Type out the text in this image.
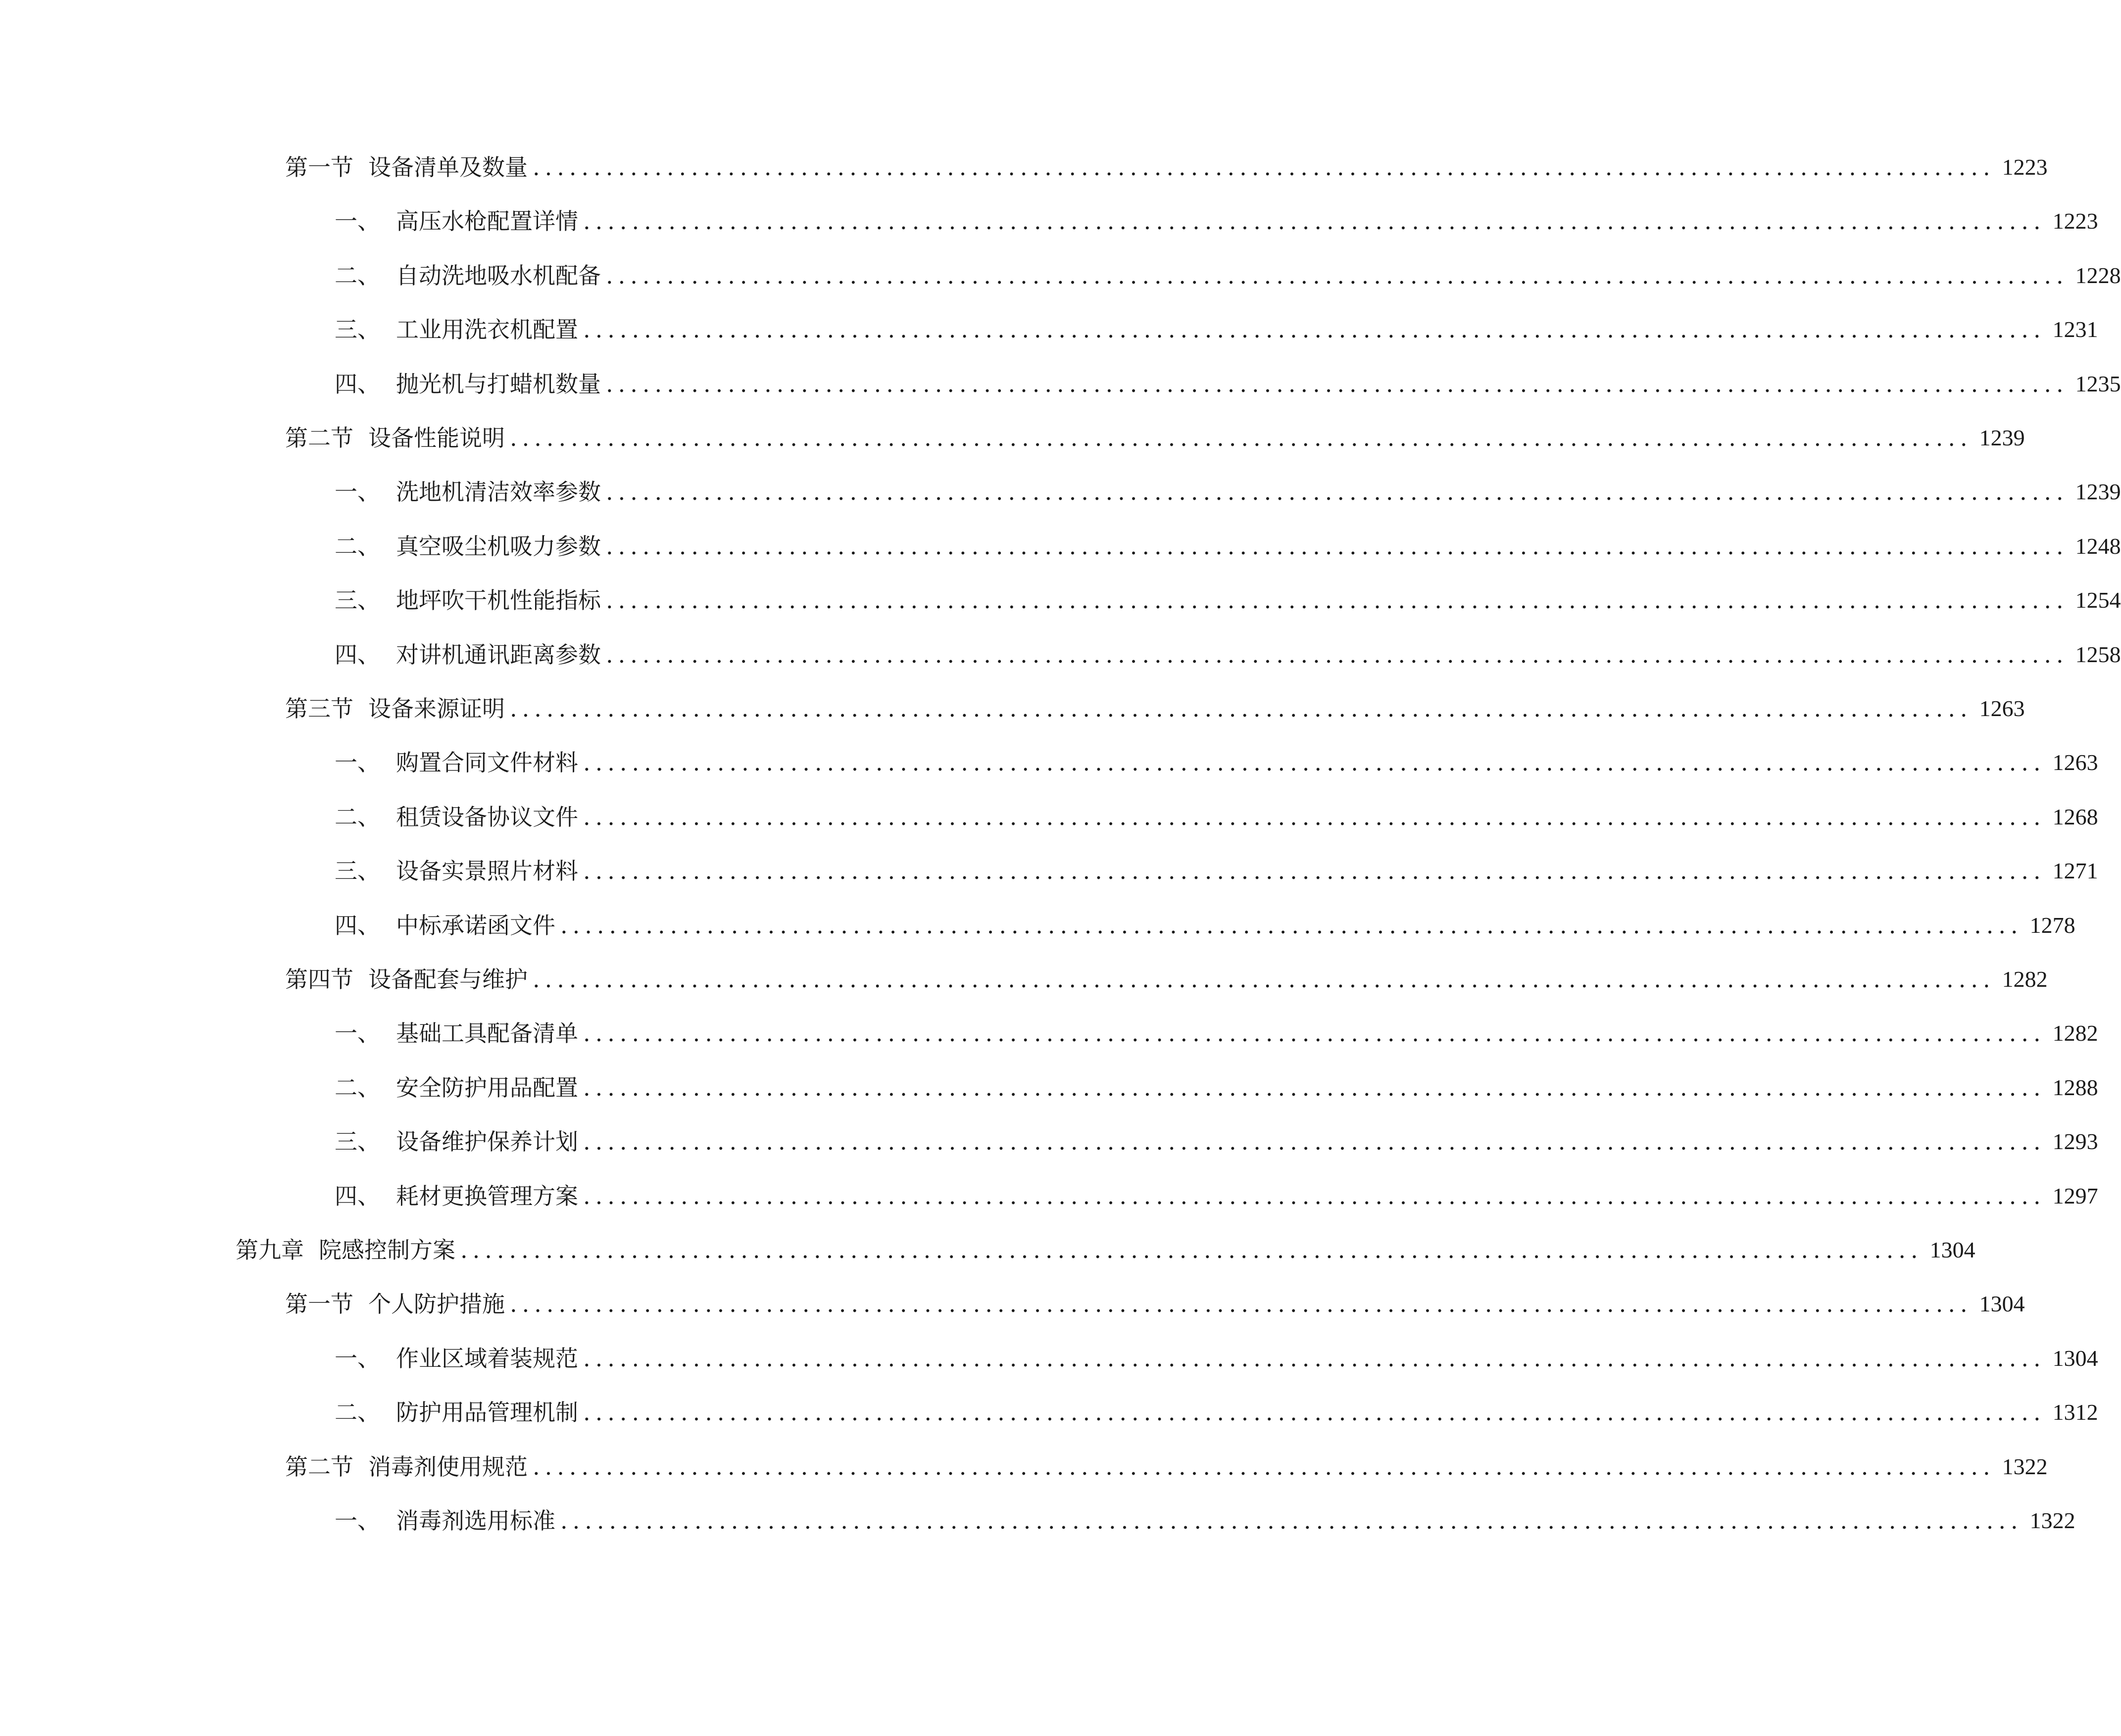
第一节 设备清单及数量 ........................................................................................................................ 1223
一、 高压水枪配置详情 ........................................................................................................................ 1223
二、 自动洗地吸水机配备 ........................................................................................................................ 1228
三、 工业用洗衣机配置 ........................................................................................................................ 1231
四、 抛光机与打蜡机数量 ........................................................................................................................ 1235
第二节 设备性能说明 ........................................................................................................................ 1239
一、 洗地机清洁效率参数 ........................................................................................................................ 1239
二、 真空吸尘机吸力参数 ........................................................................................................................ 1248
三、 地坪吹干机性能指标 ........................................................................................................................ 1254
四、 对讲机通讯距离参数 ........................................................................................................................ 1258
第三节 设备来源证明 ........................................................................................................................ 1263
一、 购置合同文件材料 ........................................................................................................................ 1263
二、 租赁设备协议文件 ........................................................................................................................ 1268
三、 设备实景照片材料 ........................................................................................................................ 1271
四、 中标承诺函文件 ........................................................................................................................ 1278
第四节 设备配套与维护 ........................................................................................................................ 1282
一、 基础工具配备清单 ........................................................................................................................ 1282
二、 安全防护用品配置 ........................................................................................................................ 1288
三、 设备维护保养计划 ........................................................................................................................ 1293
四、 耗材更换管理方案 ........................................................................................................................ 1297
第九章 院感控制方案 ........................................................................................................................ 1304
第一节 个人防护措施 ........................................................................................................................ 1304
一、 作业区域着装规范 ........................................................................................................................ 1304
二、 防护用品管理机制 ........................................................................................................................ 1312
第二节 消毒剂使用规范 ........................................................................................................................ 1322
一、 消毒剂选用标准 ........................................................................................................................ 1322
